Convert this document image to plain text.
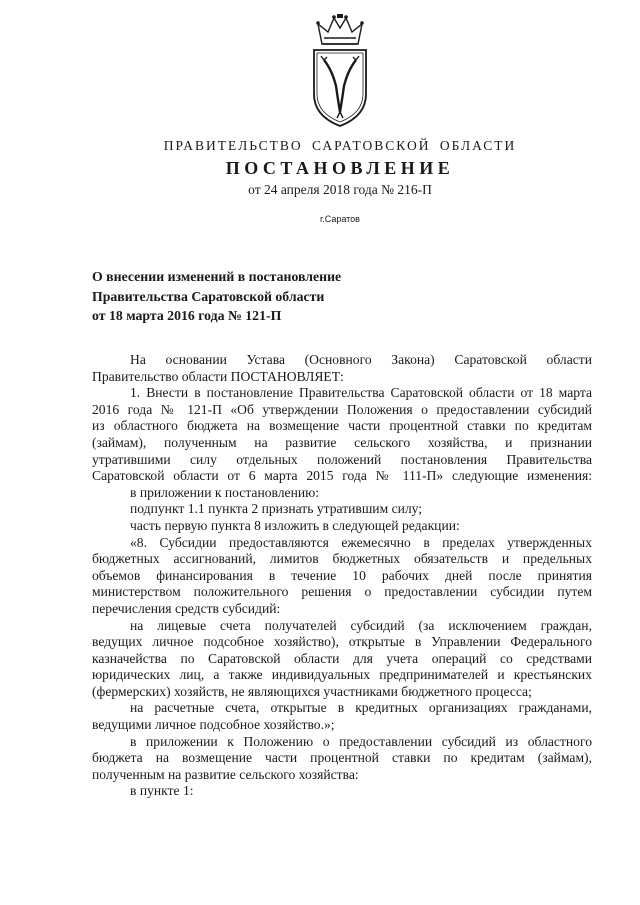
ПРАВИТЕЛЬСТВО САРАТОВСКОЙ ОБЛАСТИ
ПОСТАНОВЛЕНИЕ
от 24 апреля 2018 года № 216-П
г.Саратов
О внесении изменений в постановление
Правительства Саратовской области
от 18 марта 2016 года № 121-П

На основании Устава (Основного Закона) Саратовской области

Правительство области ПОСТАНОВЛЯЕТ:

1. Внести в постановление Правительства Саратовской области от 18 марта

2016 года № 121-П «Об утверждении Положения о предоставлении субсидий

из областного бюджета на возмещение части процентной ставки по кредитам

(займам), полученным на развитие сельского хозяйства, и признании

утратившими силу отдельных положений постановления Правительства

Саратовской области от 6 марта 2015 года № 111-П» следующие изменения:

в приложении к постановлению:

подпункт 1.1 пункта 2 признать утратившим силу;

часть первую пункта 8 изложить в следующей редакции:

«8. Субсидии предоставляются ежемесячно в пределах утвержденных

бюджетных ассигнований, лимитов бюджетных обязательств и предельных

объемов финансирования в течение 10 рабочих дней после принятия

министерством положительного решения о предоставлении субсидии путем

перечисления средств субсидий:

на лицевые счета получателей субсидий (за исключением граждан,

ведущих личное подсобное хозяйство), открытые в Управлении Федерального

казначейства по Саратовской области для учета операций со средствами

юридических лиц, а также индивидуальных предпринимателей и крестьянских

(фермерских) хозяйств, не являющихся участниками бюджетного процесса;

на расчетные счета, открытые в кредитных организациях гражданами,

ведущими личное подсобное хозяйство.»;

в приложении к Положению о предоставлении субсидий из областного

бюджета на возмещение части процентной ставки по кредитам (займам),

полученным на развитие сельского хозяйства:

в пункте 1:
